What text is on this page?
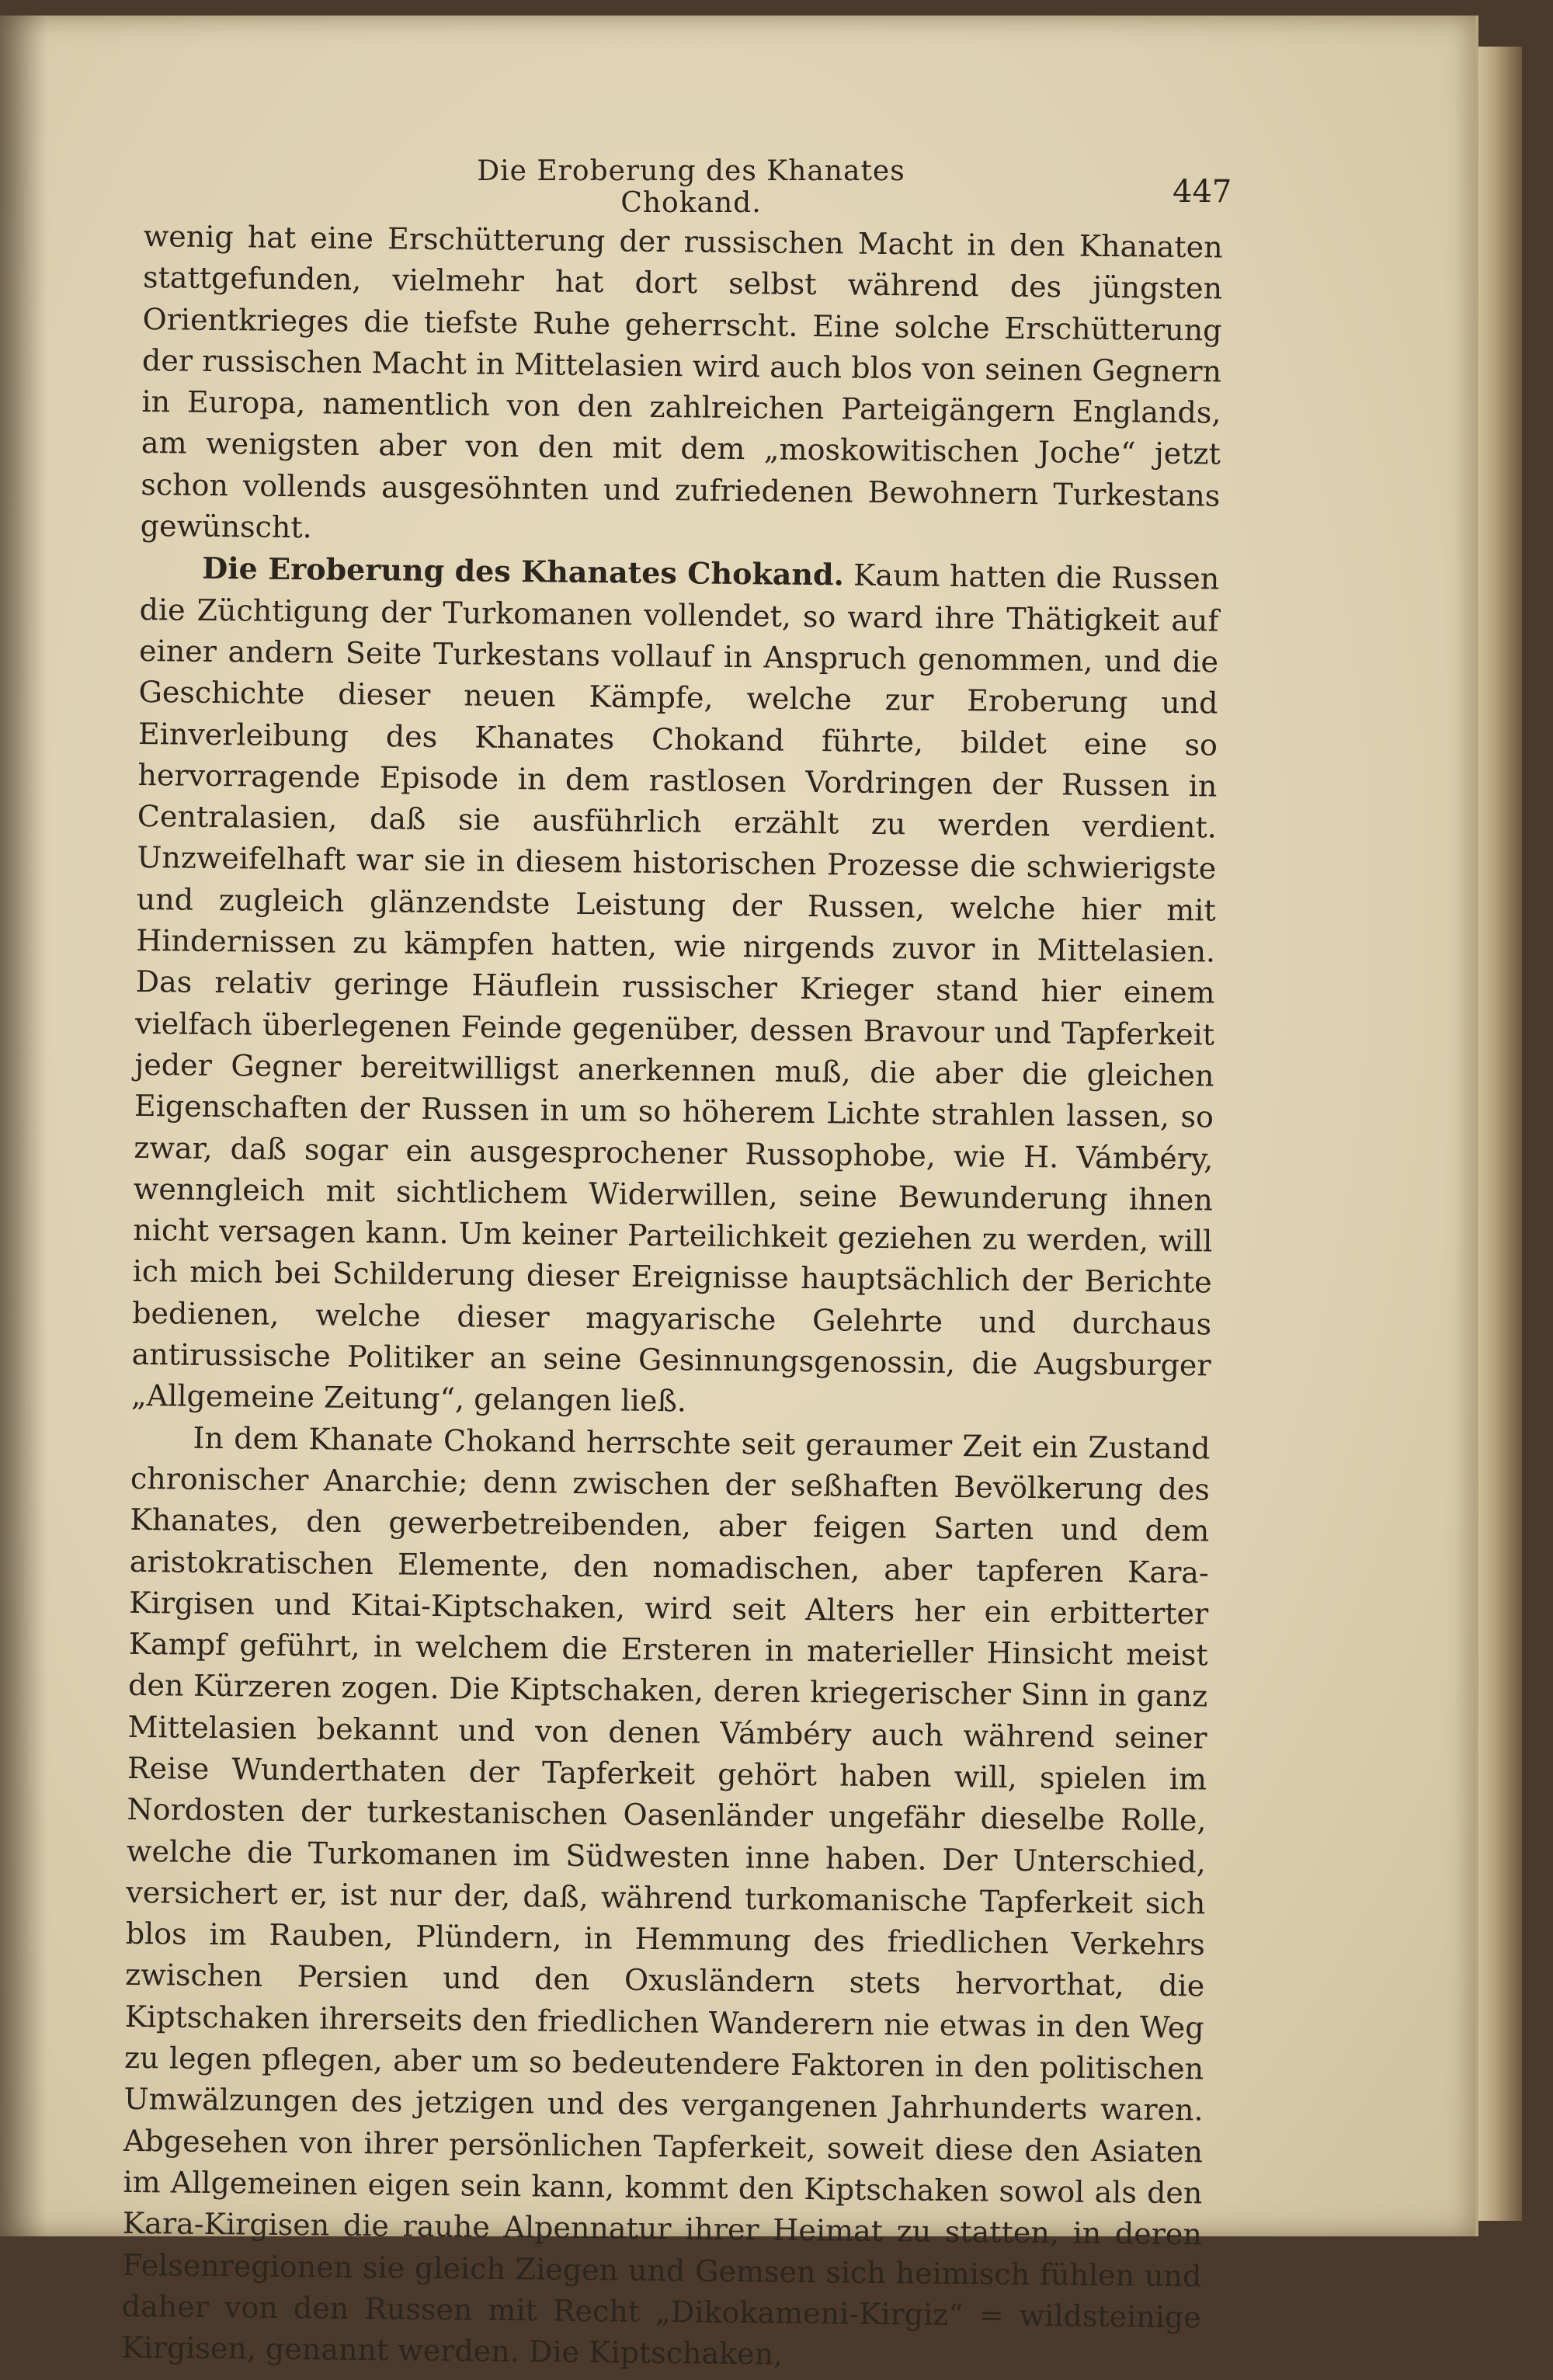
Die Eroberung des Khanates Chokand.	447

wenig hat eine Erschütterung der russischen Macht in den Khanaten stattgefunden, vielmehr hat dort selbst während des jüngsten Orientkrieges die tiefste Ruhe geherrscht. Eine solche Erschütterung der russischen Macht in Mittelasien wird auch blos von seinen Gegnern in Europa, namentlich von den zahlreichen Parteigängern Englands, am wenigsten aber von den mit dem „moskowitischen Joche“ jetzt schon vollends ausgesöhnten und zufriedenen Bewohnern Turkestans gewünscht.

Die Eroberung des Khanates Chokand. Kaum hatten die Russen die Züchtigung der Turkomanen vollendet, so ward ihre Thätigkeit auf einer andern Seite Turkestans vollauf in Anspruch genommen, und die Geschichte dieser neuen Kämpfe, welche zur Eroberung und Einverleibung des Khanates Chokand führte, bildet eine so hervorragende Episode in dem rastlosen Vordringen der Russen in Centralasien, daß sie ausführlich erzählt zu werden verdient. Unzweifelhaft war sie in diesem historischen Prozesse die schwierigste und zugleich glänzendste Leistung der Russen, welche hier mit Hindernissen zu kämpfen hatten, wie nirgends zuvor in Mittelasien. Das relativ geringe Häuflein russischer Krieger stand hier einem vielfach überlegenen Feinde gegenüber, dessen Bravour und Tapferkeit jeder Gegner bereitwilligst anerkennen muß, die aber die gleichen Eigenschaften der Russen in um so höherem Lichte strahlen lassen, so zwar, daß sogar ein ausgesprochener Russophobe, wie H. Vámbéry, wenngleich mit sichtlichem Widerwillen, seine Bewunderung ihnen nicht versagen kann. Um keiner Parteilichkeit geziehen zu werden, will ich mich bei Schilderung dieser Ereignisse hauptsächlich der Berichte bedienen, welche dieser magyarische Gelehrte und durchaus antirussische Politiker an seine Gesinnungsgenossin, die Augsburger „Allgemeine Zeitung“, gelangen ließ.

In dem Khanate Chokand herrschte seit geraumer Zeit ein Zustand chronischer Anarchie; denn zwischen der seßhaften Bevölkerung des Khanates, den gewerbetreibenden, aber feigen Sarten und dem aristokratischen Elemente, den nomadischen, aber tapferen Kara-Kirgisen und Kitai-Kiptschaken, wird seit Alters her ein erbitterter Kampf geführt, in welchem die Ersteren in materieller Hinsicht meist den Kürzeren zogen. Die Kiptschaken, deren kriegerischer Sinn in ganz Mittelasien bekannt und von denen Vámbéry auch während seiner Reise Wunderthaten der Tapferkeit gehört haben will, spielen im Nordosten der turkestanischen Oasenländer ungefähr dieselbe Rolle, welche die Turkomanen im Südwesten inne haben. Der Unterschied, versichert er, ist nur der, daß, während turkomanische Tapferkeit sich blos im Rauben, Plündern, in Hemmung des friedlichen Verkehrs zwischen Persien und den Oxusländern stets hervorthat, die Kiptschaken ihrerseits den friedlichen Wanderern nie etwas in den Weg zu legen pflegen, aber um so bedeutendere Faktoren in den politischen Umwälzungen des jetzigen und des vergangenen Jahrhunderts waren. Abgesehen von ihrer persönlichen Tapferkeit, soweit diese den Asiaten im Allgemeinen eigen sein kann, kommt den Kiptschaken sowol als den Kara-Kirgisen die rauhe Alpennatur ihrer Heimat zu statten, in deren Felsenregionen sie gleich Ziegen und Gemsen sich heimisch fühlen und daher von den Russen mit Recht „Dikokameni-Kirgiz“ = wildsteinige Kirgisen, genannt werden. Die Kiptschaken,
